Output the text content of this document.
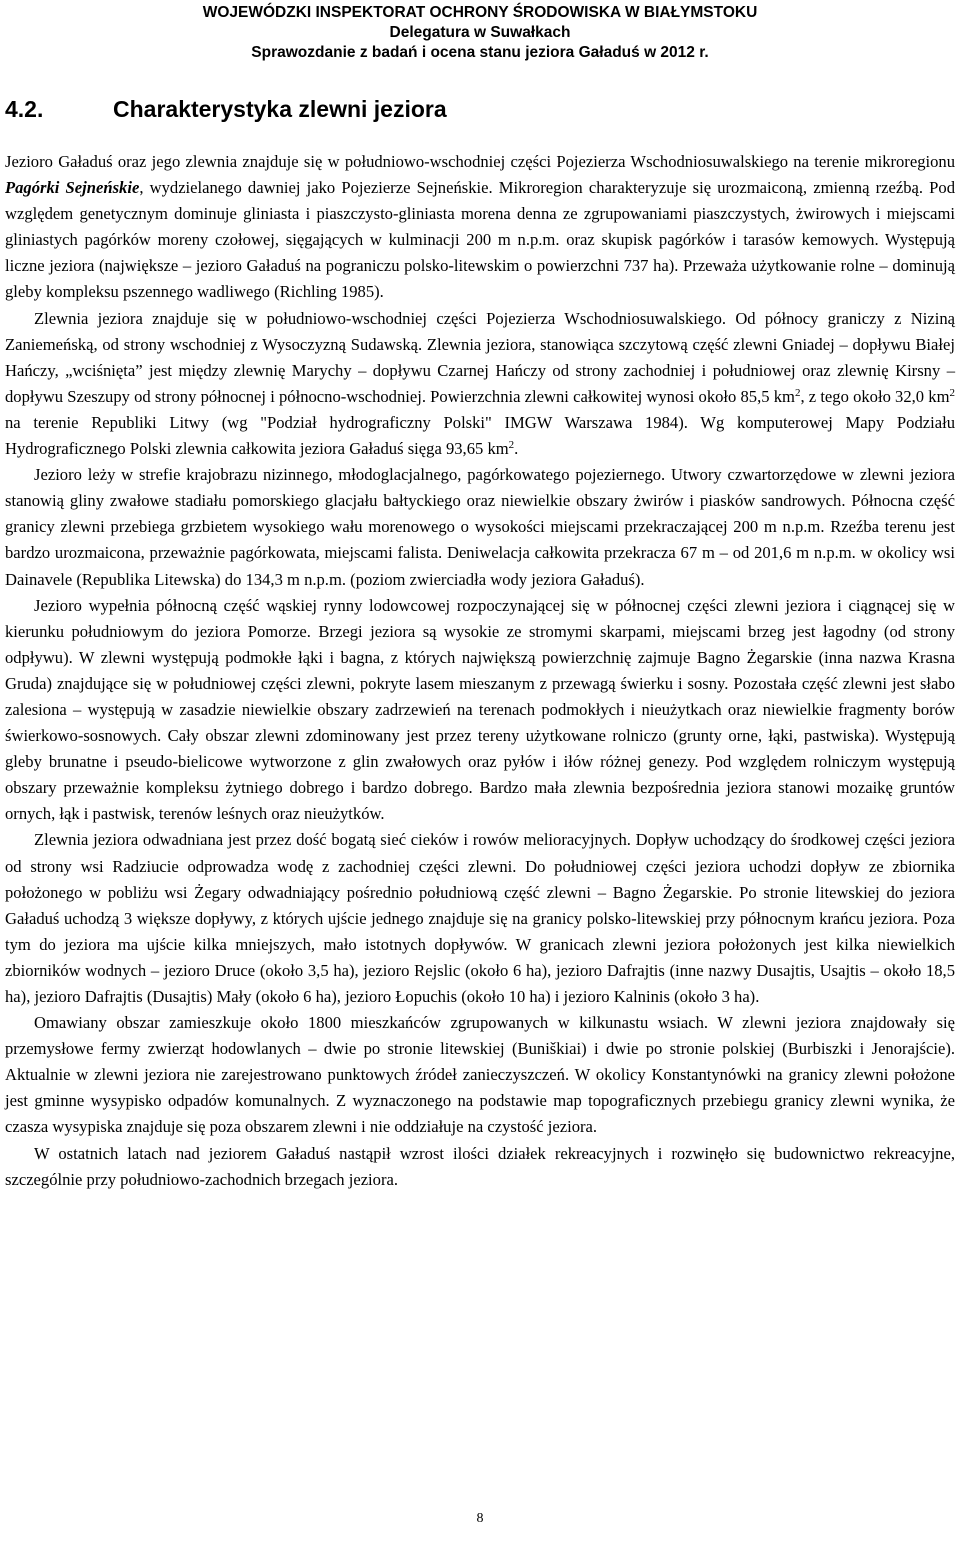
WOJEWÓDZKI INSPEKTORAT OCHRONY ŚRODOWISKA W BIAŁYMSTOKU
Delegatura w Suwałkach
Sprawozdanie z badań i ocena stanu jeziora Gaładuś w 2012 r.
4.2.	Charakterystyka zlewni jeziora

Jezioro Gaładuś oraz jego zlewnia znajduje się w południowo-wschodniej części Pojezierza Wschodniosuwalskiego na terenie mikroregionu Pagórki Sejneńskie, wydzielanego dawniej jako Pojezierze Sejneńskie. Mikroregion charakteryzuje się urozmaiconą, zmienną rzeźbą. Pod względem genetycznym dominuje gliniasta i piaszczysto-gliniasta morena denna ze zgrupowaniami piaszczystych, żwirowych i miejscami gliniastych pagórków moreny czołowej, sięgających w kulminacji 200 m n.p.m. oraz skupisk pagórków i tarasów kemowych. Występują liczne jeziora (największe – jezioro Gaładuś na pograniczu polsko-litewskim o powierzchni 737 ha). Przeważa użytkowanie rolne – dominują gleby kompleksu pszennego wadliwego (Richling 1985).

Zlewnia jeziora znajduje się w południowo-wschodniej części Pojezierza Wschodniosuwalskiego. Od północy graniczy z Niziną Zaniemeńską, od strony wschodniej z Wysoczyzną Sudawską. Zlewnia jeziora, stanowiąca szczytową część zlewni Gniadej – dopływu Białej Hańczy, „wciśnięta” jest między zlewnię Marychy – dopływu Czarnej Hańczy od strony zachodniej i południowej oraz zlewnię Kirsny – dopływu Szeszupy od strony północnej i północno-wschodniej. Powierzchnia zlewni całkowitej wynosi około 85,5 $km^2$, z tego około 32,0 $km^2$ na terenie Republiki Litwy (wg "Podział hydrograficzny Polski" IMGW Warszawa 1984). Wg komputerowej Mapy Podziału Hydrograficznego Polski zlewnia całkowita jeziora Gaładuś sięga 93,65 $km^2$.

Jezioro leży w strefie krajobrazu nizinnego, młodoglacjalnego, pagórkowatego pojeziernego. Utwory czwartorzędowe w zlewni jeziora stanowią gliny zwałowe stadiału pomorskiego glacjału bałtyckiego oraz niewielkie obszary żwirów i piasków sandrowych. Północna część granicy zlewni przebiega grzbietem wysokiego wału morenowego o wysokości miejscami przekraczającej 200 m n.p.m. Rzeźba terenu jest bardzo urozmaicona, przeważnie pagórkowata, miejscami falista. Deniwelacja całkowita przekracza 67 m – od 201,6 m n.p.m. w okolicy wsi Dainavele (Republika Litewska) do 134,3 m n.p.m. (poziom zwierciadła wody jeziora Gaładuś).

Jezioro wypełnia północną część wąskiej rynny lodowcowej rozpoczynającej się w północnej części zlewni jeziora i ciągnącej się w kierunku południowym do jeziora Pomorze. Brzegi jeziora są wysokie ze stromymi skarpami, miejscami brzeg jest łagodny (od strony odpływu). W zlewni występują podmokłe łąki i bagna, z których największą powierzchnię zajmuje Bagno Żegarskie (inna nazwa Krasna Gruda) znajdujące się w południowej części zlewni, pokryte lasem mieszanym z przewagą świerku i sosny. Pozostała część zlewni jest słabo zalesiona – występują w zasadzie niewielkie obszary zadrzewień na terenach podmokłych i nieużytkach oraz niewielkie fragmenty borów świerkowo-sosnowych. Cały obszar zlewni zdominowany jest przez tereny użytkowane rolniczo (grunty orne, łąki, pastwiska). Występują gleby brunatne i pseudo-bielicowe wytworzone z glin zwałowych oraz pyłów i iłów różnej genezy. Pod względem rolniczym występują obszary przeważnie kompleksu żytniego dobrego i bardzo dobrego. Bardzo mała zlewnia bezpośrednia jeziora stanowi mozaikę gruntów ornych, łąk i pastwisk, terenów leśnych oraz nieużytków.

Zlewnia jeziora odwadniana jest przez dość bogatą sieć cieków i rowów melioracyjnych. Dopływ uchodzący do środkowej części jeziora od strony wsi Radziucie odprowadza wodę z zachodniej części zlewni. Do południowej części jeziora uchodzi dopływ ze zbiornika położonego w pobliżu wsi Żegary odwadniający pośrednio południową część zlewni – Bagno Żegarskie. Po stronie litewskiej do jeziora Gaładuś uchodzą 3 większe dopływy, z których ujście jednego znajduje się na granicy polsko-litewskiej przy północnym krańcu jeziora. Poza tym do jeziora ma ujście kilka mniejszych, mało istotnych dopływów. W granicach zlewni jeziora położonych jest kilka niewielkich zbiorników wodnych – jezioro Druce (około 3,5 ha), jezioro Rejslic (około 6 ha), jezioro Dafrajtis (inne nazwy Dusajtis, Usajtis – około 18,5 ha), jezioro Dafrajtis (Dusajtis) Mały (około 6 ha), jezioro Łopuchis (około 10 ha) i jezioro Kalninis (około 3 ha).

Omawiany obszar zamieszkuje około 1800 mieszkańców zgrupowanych w kilkunastu wsiach. W zlewni jeziora znajdowały się przemysłowe fermy zwierząt hodowlanych – dwie po stronie litewskiej (Buniškiai) i dwie po stronie polskiej (Burbiszki i Jenorajście). Aktualnie w zlewni jeziora nie zarejestrowano punktowych źródeł zanieczyszczeń. W okolicy Konstantynówki na granicy zlewni położone jest gminne wysypisko odpadów komunalnych. Z wyznaczonego na podstawie map topograficznych przebiegu granicy zlewni wynika, że czasza wysypiska znajduje się poza obszarem zlewni i nie oddziałuje na czystość jeziora.

W ostatnich latach nad jeziorem Gaładuś nastąpił wzrost ilości działek rekreacyjnych i rozwinęło się budownictwo rekreacyjne, szczególnie przy południowo-zachodnich brzegach jeziora.

8
